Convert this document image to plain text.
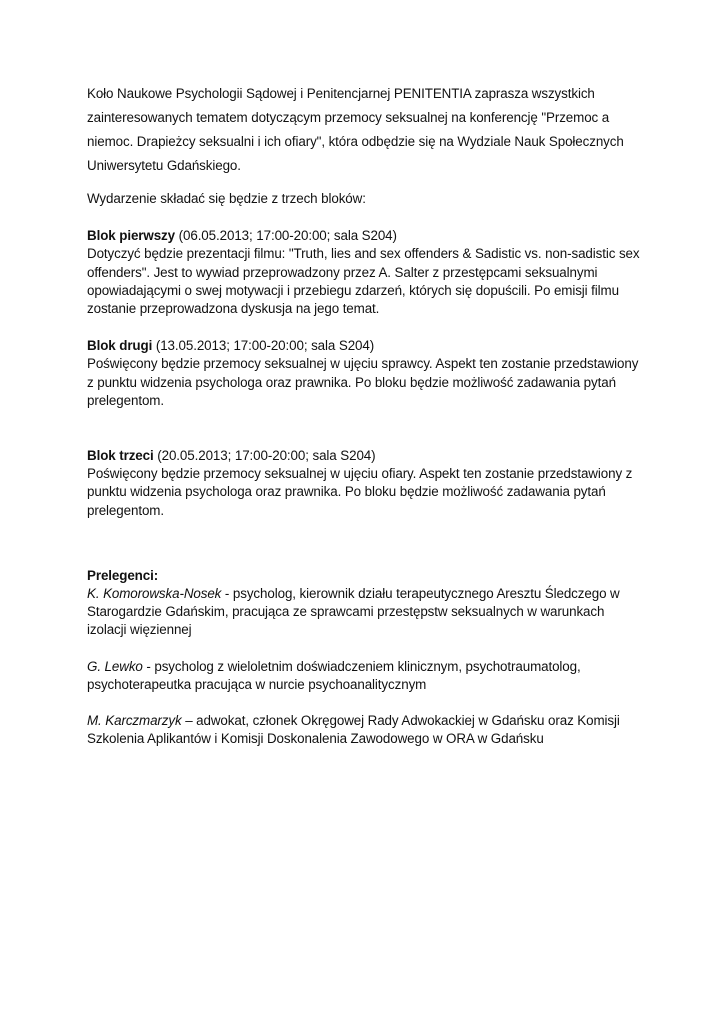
Koło Naukowe Psychologii Sądowej i Penitencjarnej PENITENTIA zaprasza wszystkich zainteresowanych tematem dotyczącym przemocy seksualnej na konferencję "Przemoc a niemoc. Drapieżcy seksualni i ich ofiary", która odbędzie się na Wydziale Nauk Społecznych Uniwersytetu Gdańskiego.

Wydarzenie składać się będzie z trzech bloków:

Blok pierwszy (06.05.2013; 17:00-20:00; sala S204)
Dotyczyć będzie prezentacji filmu: "Truth, lies and sex offenders & Sadistic vs. non-sadistic sex offenders". Jest to wywiad przeprowadzony przez A. Salter z przestępcami seksualnymi opowiadającymi o swej motywacji i przebiegu zdarzeń, których się dopuścili. Po emisji filmu zostanie przeprowadzona dyskusja na jego temat.
Blok drugi (13.05.2013; 17:00-20:00; sala S204)
Poświęcony będzie przemocy seksualnej w ujęciu sprawcy. Aspekt ten zostanie przedstawiony z punktu widzenia psychologa oraz prawnika. Po bloku będzie możliwość zadawania pytań prelegentom.
Blok trzeci (20.05.2013; 17:00-20:00; sala S204)
Poświęcony będzie przemocy seksualnej w ujęciu ofiary. Aspekt ten zostanie przedstawiony z punktu widzenia psychologa oraz prawnika. Po bloku będzie możliwość zadawania pytań prelegentom.
Prelegenci:
K. Komorowska-Nosek - psycholog, kierownik działu terapeutycznego Aresztu Śledczego w Starogardzie Gdańskim, pracująca ze sprawcami przestępstw seksualnych w warunkach izolacji więziennej
G. Lewko - psycholog z wieloletnim doświadczeniem klinicznym, psychotraumatolog, psychoterapeutka pracująca w nurcie psychoanalitycznym
M. Karczmarzyk – adwokat, członek Okręgowej Rady Adwokackiej w Gdańsku oraz Komisji Szkolenia Aplikantów i Komisji Doskonalenia Zawodowego w ORA w Gdańsku
